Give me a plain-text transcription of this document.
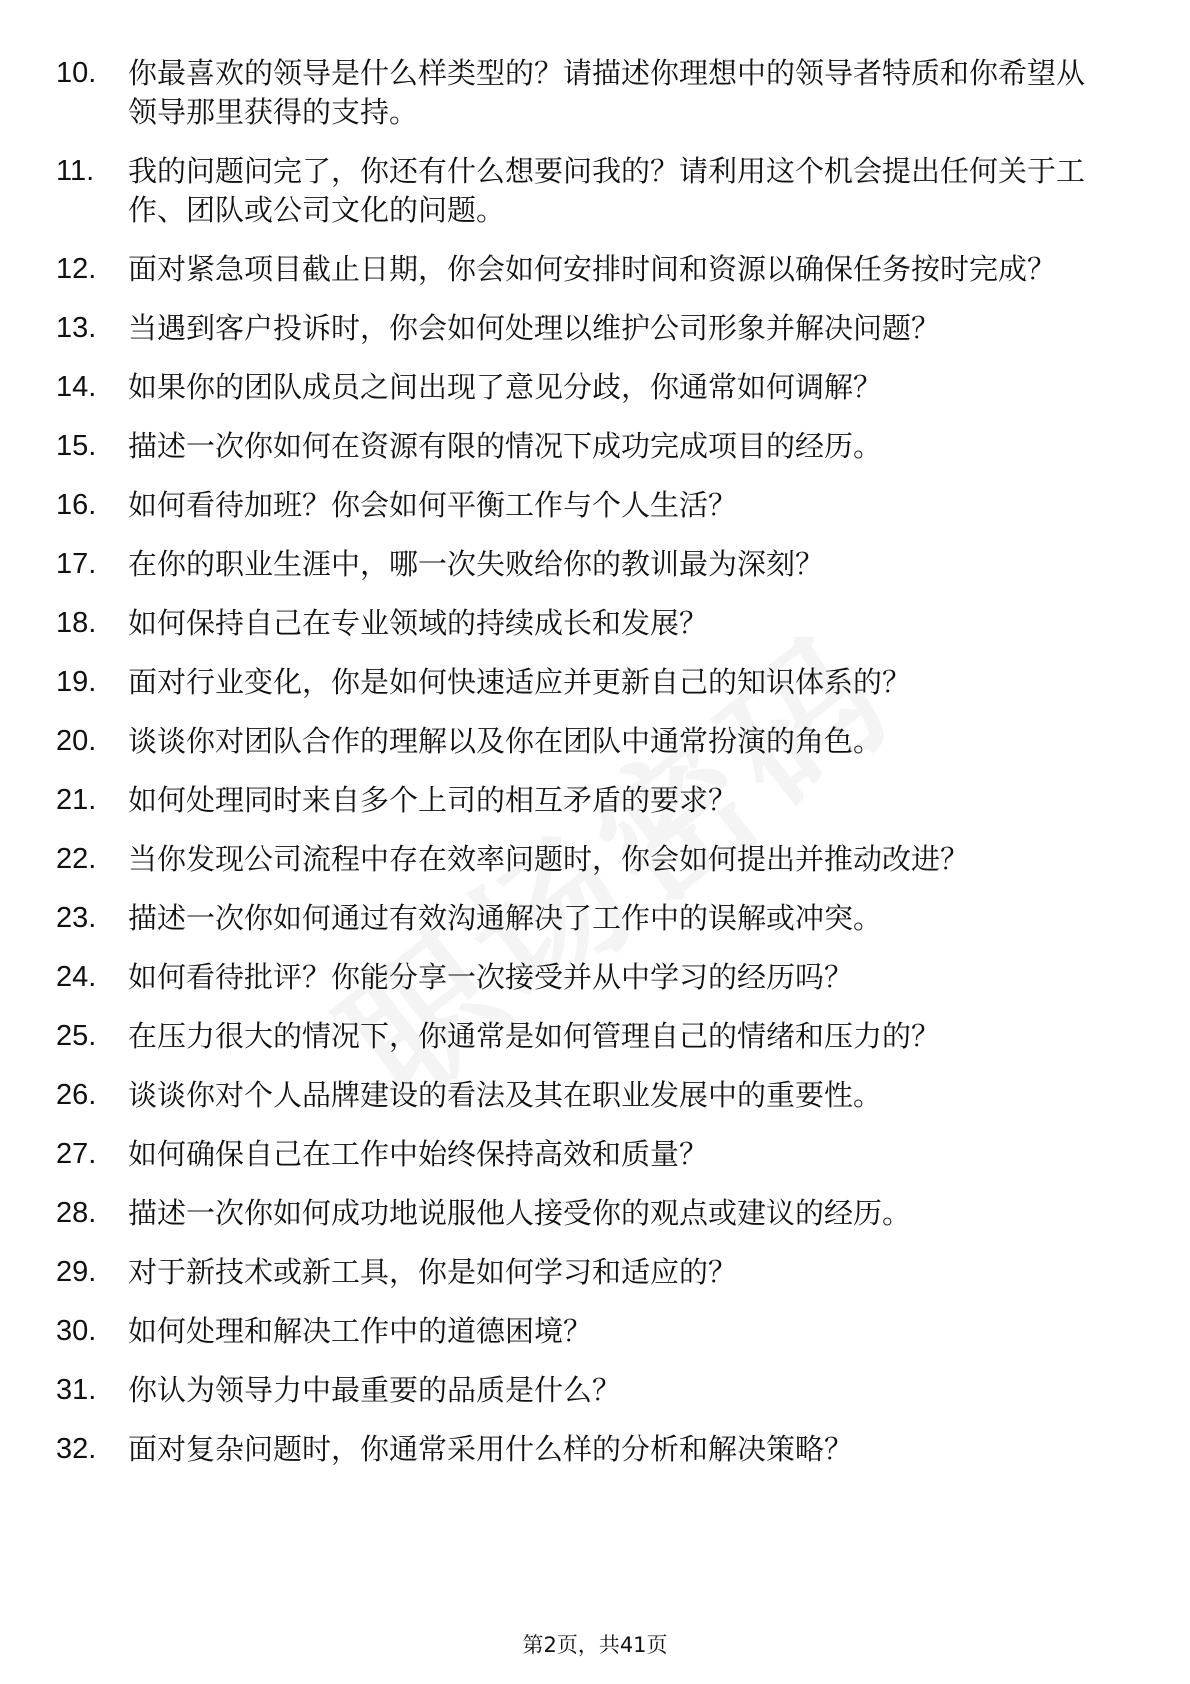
10.	你最喜欢的领导是什么样类型的？请描述你理想中的领导者特质和你希望从领导那里获得的支持。
11.	我的问题问完了，你还有什么想要问我的？请利用这个机会提出任何关于工作、团队或公司文化的问题。
12.	面对紧急项目截止日期，你会如何安排时间和资源以确保任务按时完成？
13.	当遇到客户投诉时，你会如何处理以维护公司形象并解决问题？
14.	如果你的团队成员之间出现了意见分歧，你通常如何调解？
15.	描述一次你如何在资源有限的情况下成功完成项目的经历。
16.	如何看待加班？你会如何平衡工作与个人生活？
17.	在你的职业生涯中，哪一次失败给你的教训最为深刻？
18.	如何保持自己在专业领域的持续成长和发展？
19.	面对行业变化，你是如何快速适应并更新自己的知识体系的？
20.	谈谈你对团队合作的理解以及你在团队中通常扮演的角色。
21.	如何处理同时来自多个上司的相互矛盾的要求？
22.	当你发现公司流程中存在效率问题时，你会如何提出并推动改进？
23.	描述一次你如何通过有效沟通解决了工作中的误解或冲突。
24.	如何看待批评？你能分享一次接受并从中学习的经历吗？
25.	在压力很大的情况下，你通常是如何管理自己的情绪和压力的？
26.	谈谈你对个人品牌建设的看法及其在职业发展中的重要性。
27.	如何确保自己在工作中始终保持高效和质量？
28.	描述一次你如何成功地说服他人接受你的观点或建议的经历。
29.	对于新技术或新工具，你是如何学习和适应的？
30.	如何处理和解决工作中的道德困境？
31.	你认为领导力中最重要的品质是什么？
32.	面对复杂问题时，你通常采用什么样的分析和解决策略？
第2页，共41页
